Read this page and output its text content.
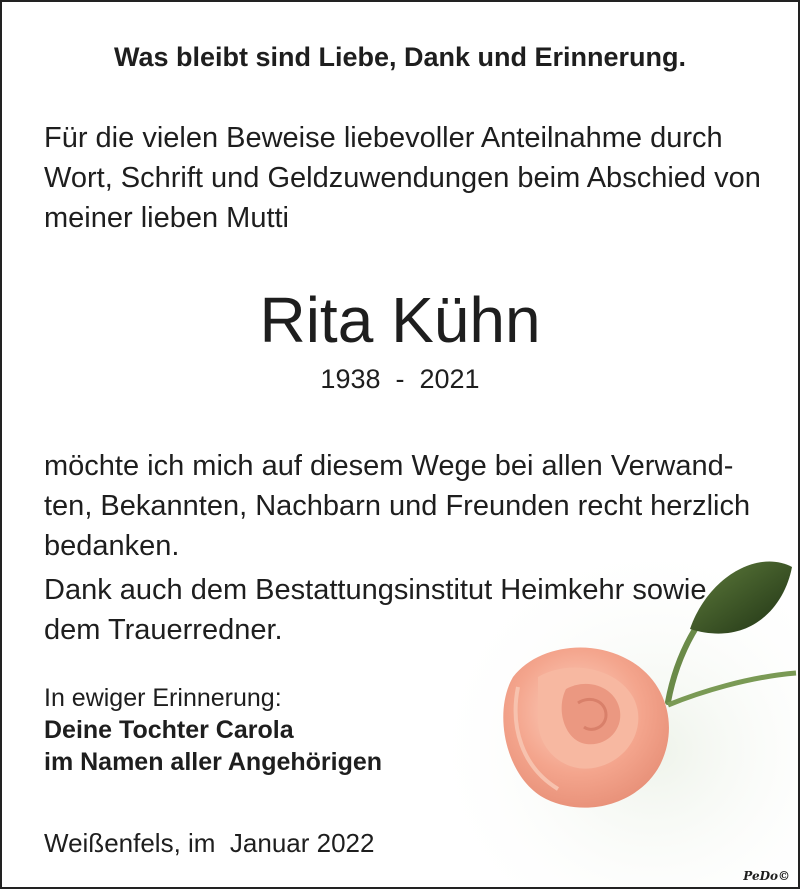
Was bleibt sind Liebe, Dank und Erinnerung.

Für die vielen Beweise liebevoller Anteilnahme durch Wort, Schrift und Geldzuwendungen beim Abschied von meiner lieben Mutti

Rita Kühn

1938  -  2021

möchte ich mich auf diesem Wege bei allen Verwand- ten, Bekannten, Nachbarn und Freunden recht herzlich bedanken.

Dank auch dem Bestattungsinstitut Heimkehr sowie dem Trauerredner.

In ewiger Erinnerung:

Deine Tochter Carola

im Namen aller Angehörigen

Weißenfels, im  Januar 2022

PeDo©
